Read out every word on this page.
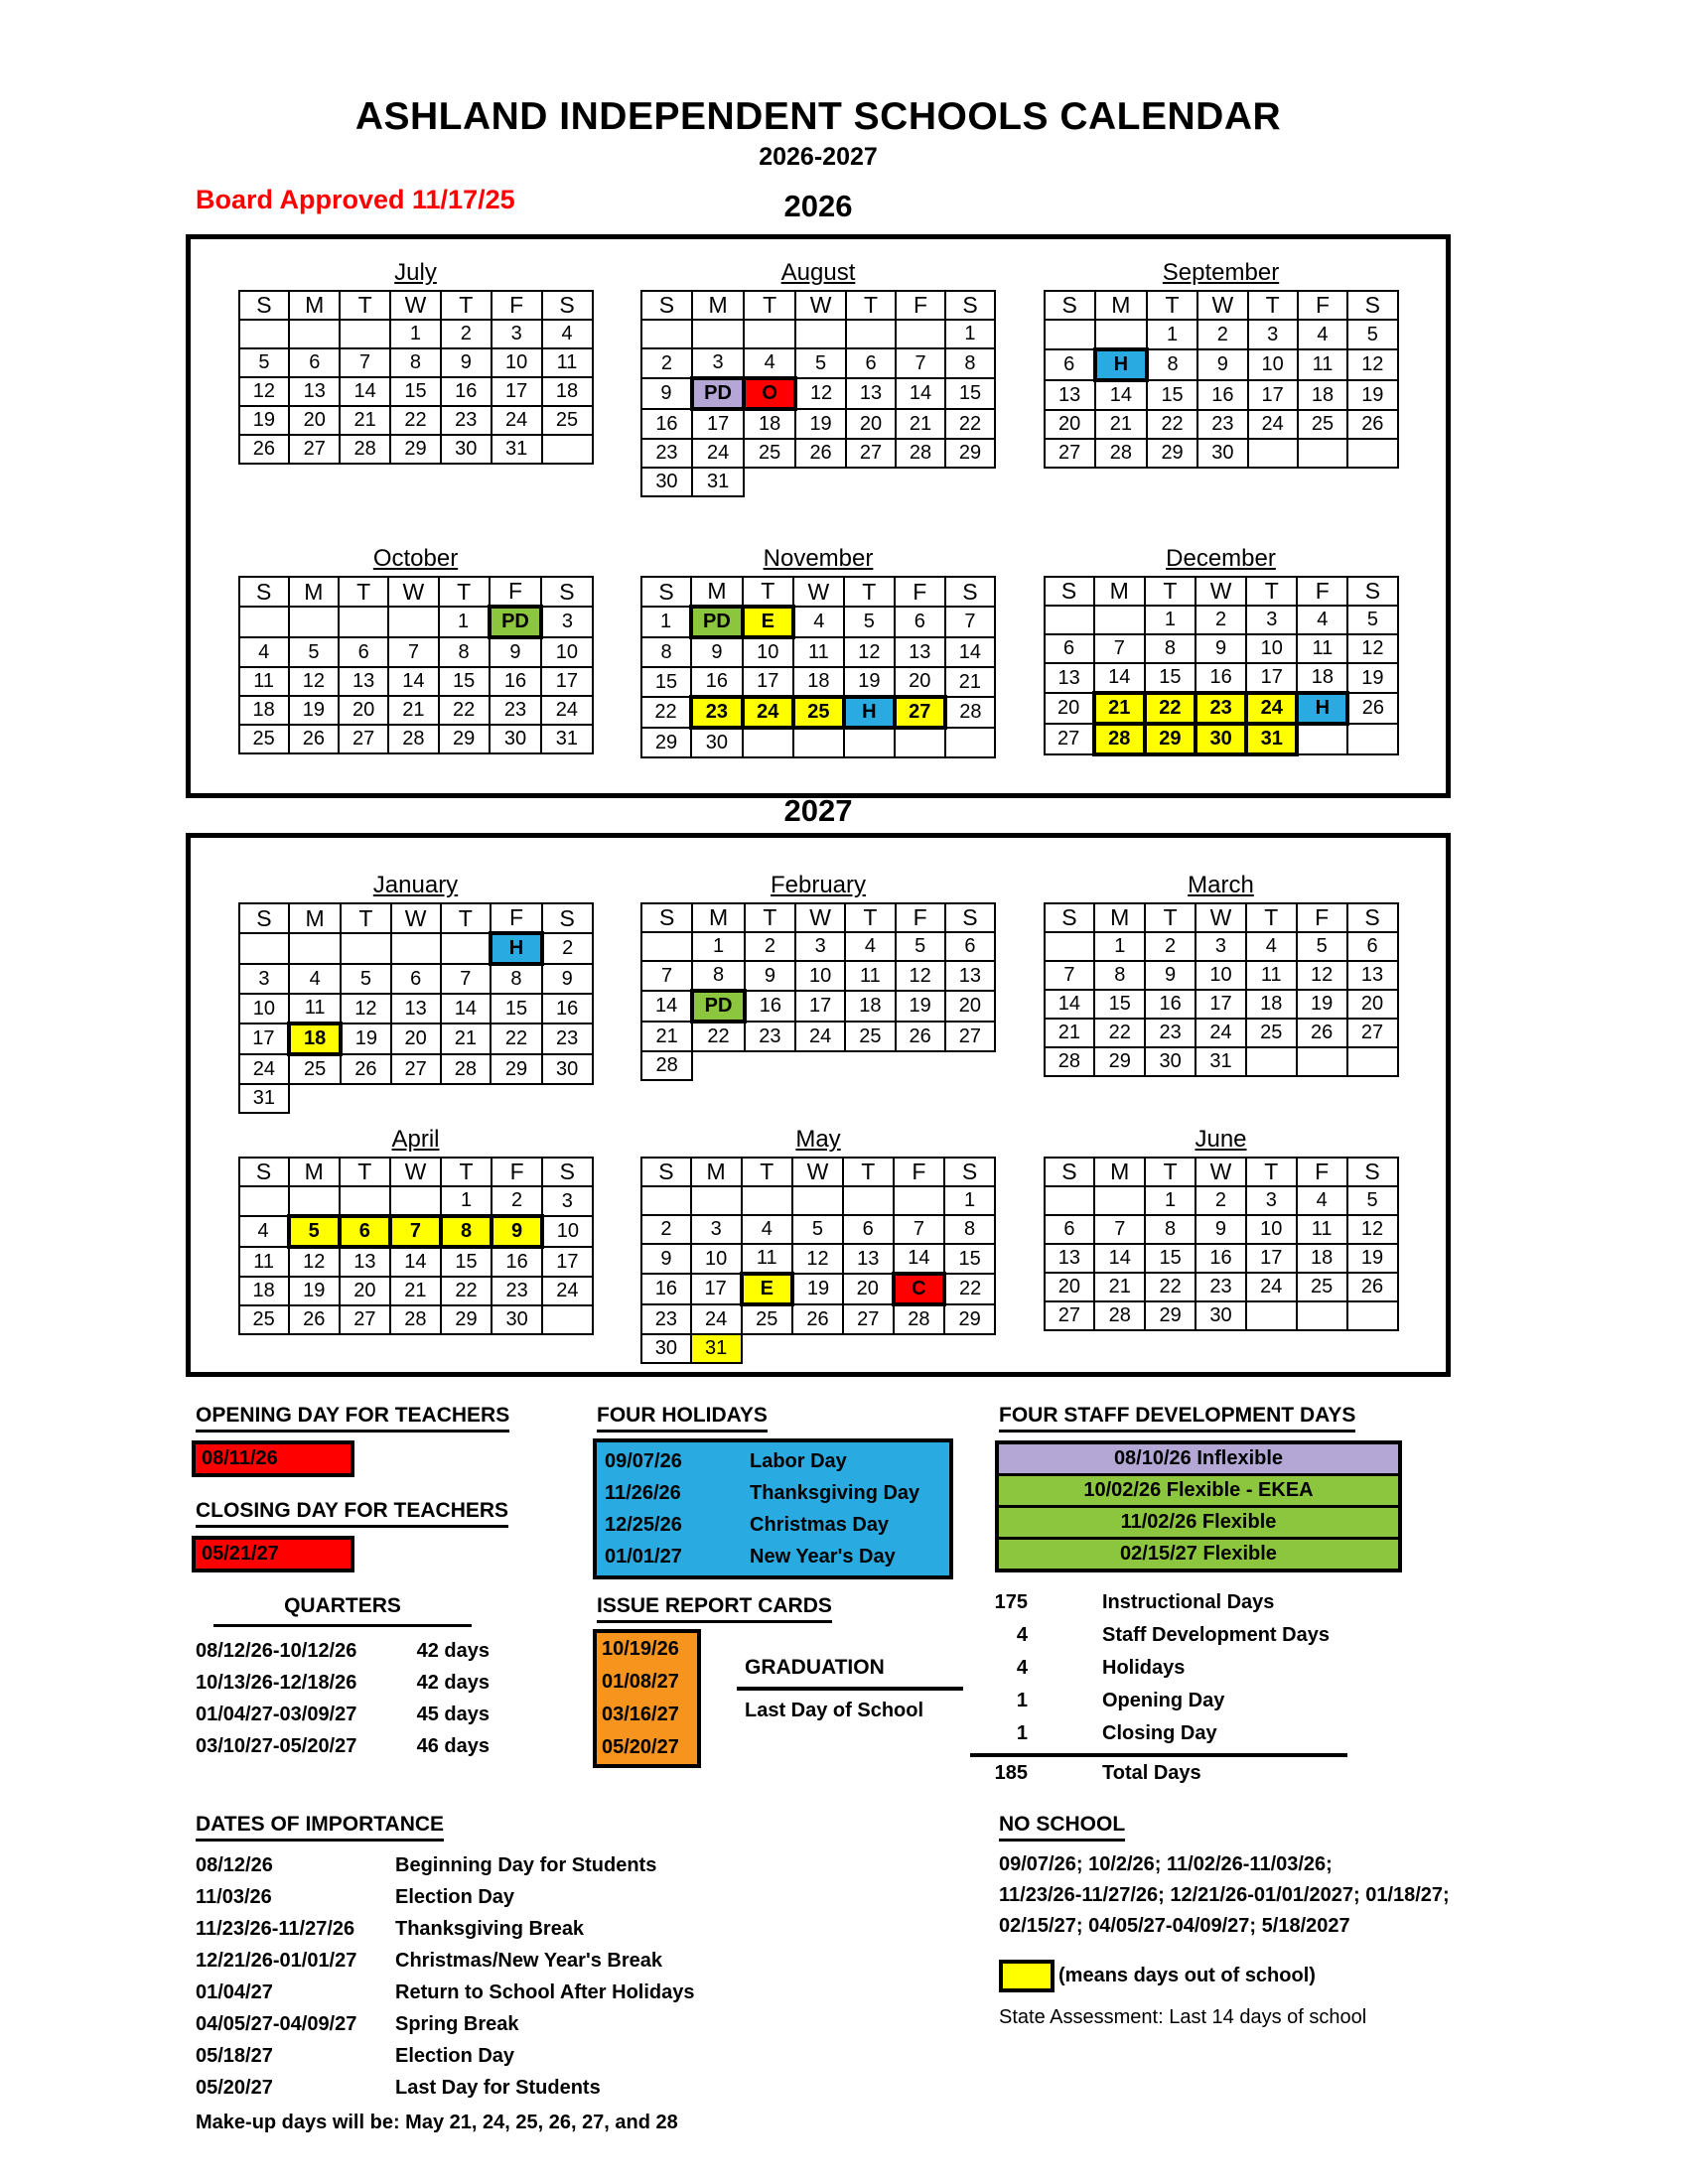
ASHLAND INDEPENDENT SCHOOLS CALENDAR
2026-2027
Board Approved 11/17/25	2026
July
S	M	T	W	T	F	S
			1	2	3	4
5	6	7	8	9	10	11
12	13	14	15	16	17	18
19	20	21	22	23	24	25
26	27	28	29	30	31	
August
S	M	T	W	T	F	S
						1
2	3	4	5	6	7	8
9	PD	O	12	13	14	15
16	17	18	19	20	21	22
23	24	25	26	27	28	29
30	31					
September
S	M	T	W	T	F	S
		1	2	3	4	5
6	H	8	9	10	11	12
13	14	15	16	17	18	19
20	21	22	23	24	25	26
27	28	29	30			
October
S	M	T	W	T	F	S
				1	PD	3
4	5	6	7	8	9	10
11	12	13	14	15	16	17
18	19	20	21	22	23	24
25	26	27	28	29	30	31
November
S	M	T	W	T	F	S
1	PD	E	4	5	6	7
8	9	10	11	12	13	14
15	16	17	18	19	20	21
22	23	24	25	H	27	28
29	30					
December
S	M	T	W	T	F	S
		1	2	3	4	5
6	7	8	9	10	11	12
13	14	15	16	17	18	19
20	21	22	23	24	H	26
27	28	29	30	31		
2027
January
S	M	T	W	T	F	S
					H	2
3	4	5	6	7	8	9
10	11	12	13	14	15	16
17	18	19	20	21	22	23
24	25	26	27	28	29	30
31						
February
S	M	T	W	T	F	S
	1	2	3	4	5	6
7	8	9	10	11	12	13
14	PD	16	17	18	19	20
21	22	23	24	25	26	27
28						
March
S	M	T	W	T	F	S
	1	2	3	4	5	6
7	8	9	10	11	12	13
14	15	16	17	18	19	20
21	22	23	24	25	26	27
28	29	30	31			
April
S	M	T	W	T	F	S
				1	2	3
4	5	6	7	8	9	10
11	12	13	14	15	16	17
18	19	20	21	22	23	24
25	26	27	28	29	30	
May
S	M	T	W	T	F	S
						1
2	3	4	5	6	7	8
9	10	11	12	13	14	15
16	17	E	19	20	C	22
23	24	25	26	27	28	29
30	31					
June
S	M	T	W	T	F	S
		1	2	3	4	5
6	7	8	9	10	11	12
13	14	15	16	17	18	19
20	21	22	23	24	25	26
27	28	29	30			
OPENING DAY FOR TEACHERS
08/11/26
CLOSING DAY FOR TEACHERS
05/21/27
FOUR HOLIDAYS
09/07/26	Labor Day
11/26/26	Thanksgiving Day
12/25/26	Christmas Day
01/01/27	New Year's Day
FOUR STAFF DEVELOPMENT DAYS
08/10/26 Inflexible
10/02/26 Flexible - EKEA
11/02/26 Flexible
02/15/27 Flexible
QUARTERS
08/12/26-10/12/26	42 days
10/13/26-12/18/26	42 days
01/04/27-03/09/27	45 days
03/10/27-05/20/27	46 days
ISSUE REPORT CARDS
10/19/26
01/08/27
03/16/27
05/20/27
GRADUATION
Last Day of School
175	Instructional Days
4	Staff Development Days
4	Holidays
1	Opening Day
1	Closing Day
185	Total Days
DATES OF IMPORTANCE
08/12/26	Beginning Day for Students
11/03/26	Election Day
11/23/26-11/27/26	Thanksgiving Break
12/21/26-01/01/27	Christmas/New Year's Break
01/04/27	Return to School After Holidays
04/05/27-04/09/27	Spring Break
05/18/27	Election Day
05/20/27	Last Day for Students
Make-up days will be: May 21, 24, 25, 26, 27, and 28
NO SCHOOL
09/07/26; 10/2/26; 11/02/26-11/03/26;
11/23/26-11/27/26; 12/21/26-01/01/2027; 01/18/27;
02/15/27; 04/05/27-04/09/27; 5/18/2027
(means days out of school)
State Assessment: Last 14 days of school
